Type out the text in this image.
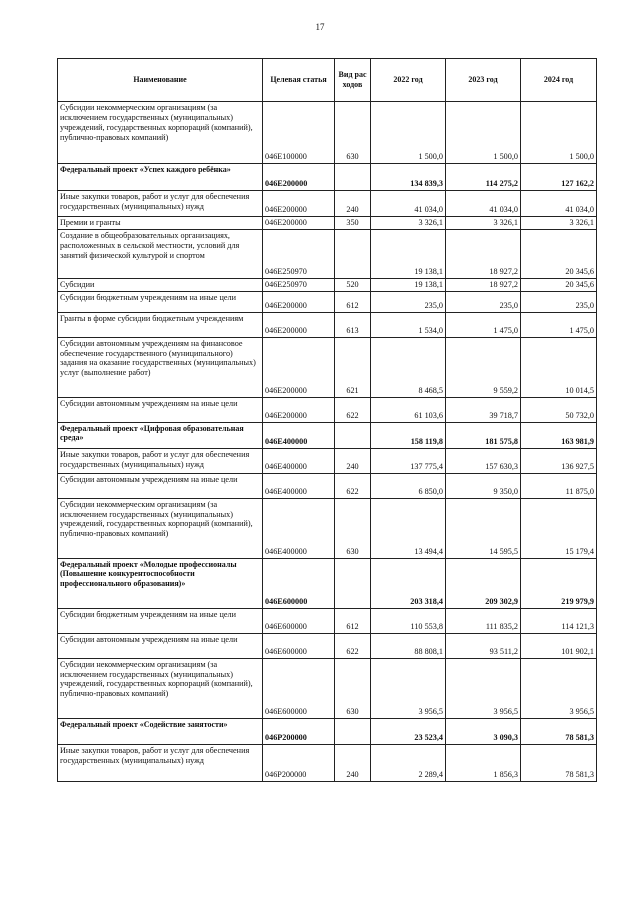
17
Наименование	Целевая статья	Вид рас ходов	2022 год	2023 год	2024 год
Субсидии некоммерческим организациям (за исключением государственных (муниципальных) учреждений, государственных корпораций (компаний), публично-правовых компаний)	046E100000	630	1 500,0	1 500,0	1 500,0
Федеральный проект «Успех каждого ребёнка»	046E200000		134 839,3	114 275,2	127 162,2
Иные закупки товаров, работ и услуг для обеспечения государственных (муниципальных) нужд	046E200000	240	41 034,0	41 034,0	41 034,0
Премии и гранты	046E200000	350	3 326,1	3 326,1	3 326,1
Создание в общеобразовательных организациях, расположенных в сельской местности, условий для занятий физической культурой и спортом	046E250970		19 138,1	18 927,2	20 345,6
Субсидии	046E250970	520	19 138,1	18 927,2	20 345,6
Субсидии бюджетным учреждениям на иные цели	046E200000	612	235,0	235,0	235,0
Гранты в форме субсидии бюджетным учреждениям	046E200000	613	1 534,0	1 475,0	1 475,0
Субсидии автономным учреждениям на финансовое обеспечение государственного (муниципального) задания на оказание государственных (муниципальных) услуг (выполнение работ)	046E200000	621	8 468,5	9 559,2	10 014,5
Субсидии автономным учреждениям на иные цели	046E200000	622	61 103,6	39 718,7	50 732,0
Федеральный проект «Цифровая образовательная среда»	046E400000		158 119,8	181 575,8	163 981,9
Иные закупки товаров, работ и услуг для обеспечения государственных (муниципальных) нужд	046E400000	240	137 775,4	157 630,3	136 927,5
Субсидии автономным учреждениям на иные цели	046E400000	622	6 850,0	9 350,0	11 875,0
Субсидии некоммерческим организациям (за исключением государственных (муниципальных) учреждений, государственных корпораций (компаний), публично-правовых компаний)	046E400000	630	13 494,4	14 595,5	15 179,4
Федеральный проект «Молодые профессионалы (Повышение конкурентоспособности профессионального образования)»	046E600000		203 318,4	209 302,9	219 979,9
Субсидии бюджетным учреждениям на иные цели	046E600000	612	110 553,8	111 835,2	114 121,3
Субсидии автономным учреждениям на иные цели	046E600000	622	88 808,1	93 511,2	101 902,1
Субсидии некоммерческим организациям (за исключением государственных (муниципальных) учреждений, государственных корпораций (компаний), публично-правовых компаний)	046E600000	630	3 956,5	3 956,5	3 956,5
Федеральный проект «Содействие занятости»	046P200000		23 523,4	3 090,3	78 581,3
Иные закупки товаров, работ и услуг для обеспечения государственных (муниципальных) нужд	046P200000	240	2 289,4	1 856,3	78 581,3
